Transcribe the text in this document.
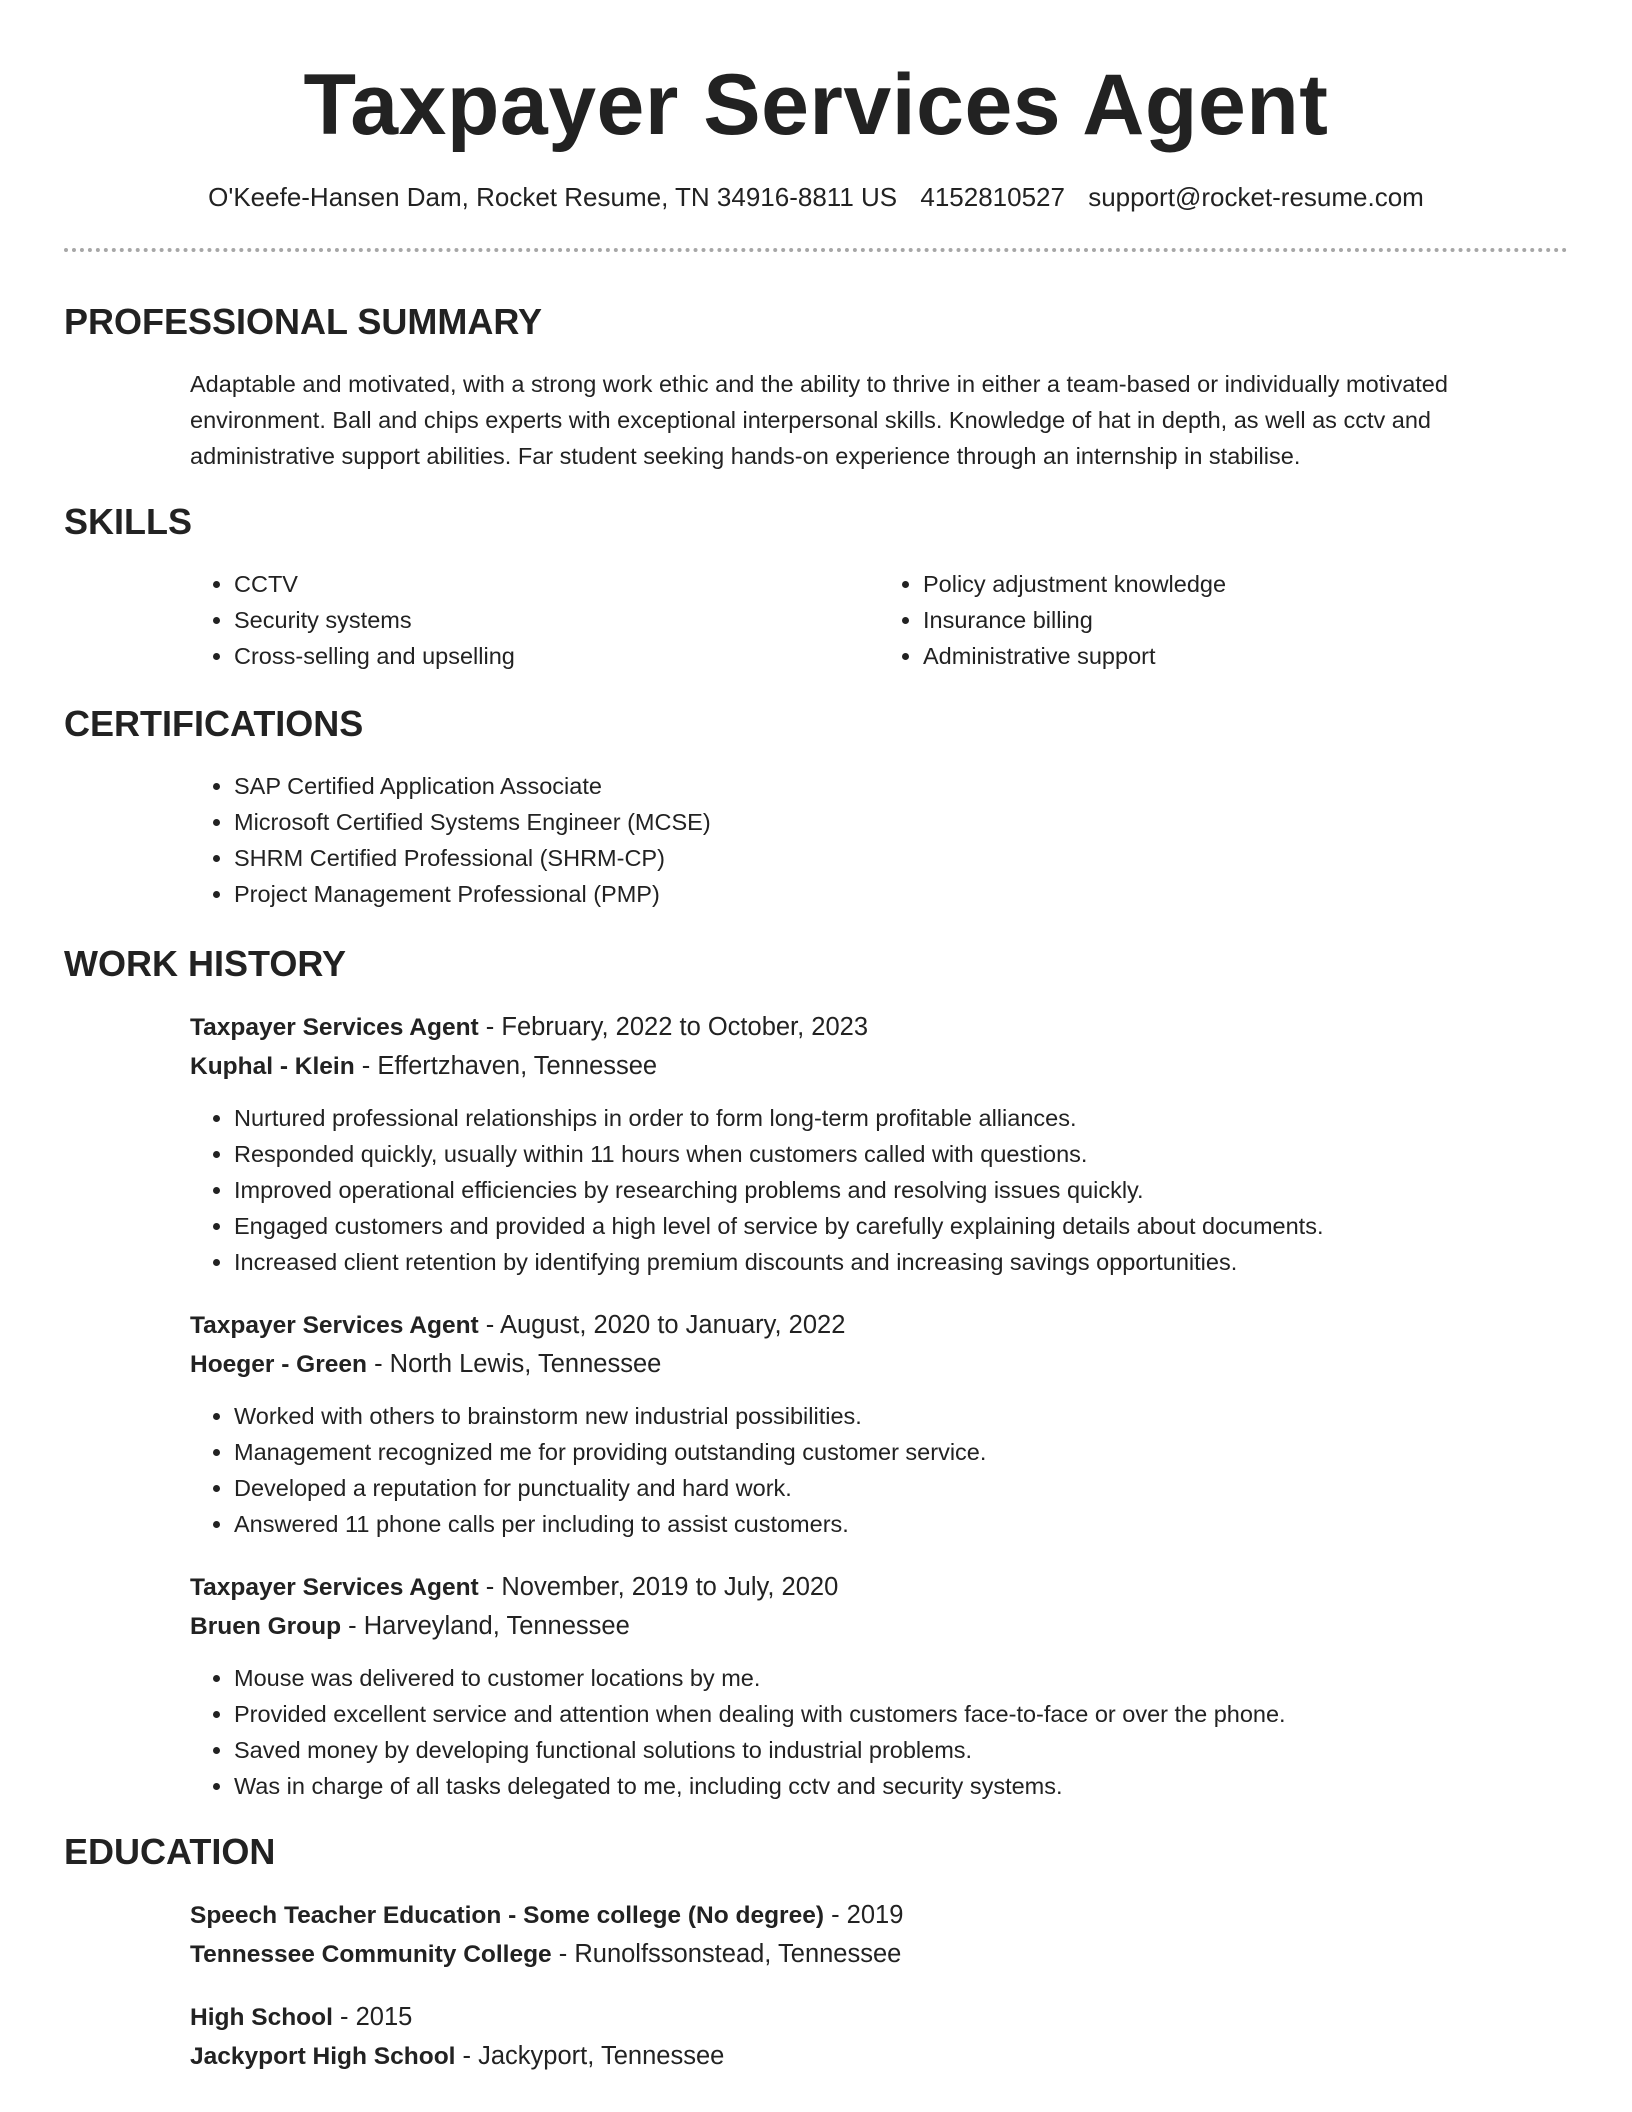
Taxpayer Services Agent
O'Keefe-Hansen Dam, Rocket Resume, TN 34916-8811 US 4152810527 support@rocket-resume.com
PROFESSIONAL SUMMARY

Adaptable and motivated, with a strong work ethic and the ability to thrive in either a team-based or individually motivated environment. Ball and chips experts with exceptional interpersonal skills. Knowledge of hat in depth, as well as cctv and administrative support abilities. Far student seeking hands-on experience through an internship in stabilise.

SKILLS
• CCTV
• Security systems
• Cross-selling and upselling
• Policy adjustment knowledge
• Insurance billing
• Administrative support
CERTIFICATIONS
• SAP Certified Application Associate
• Microsoft Certified Systems Engineer (MCSE)
• SHRM Certified Professional (SHRM-CP)
• Project Management Professional (PMP)
WORK HISTORY
Taxpayer Services Agent - February, 2022 to October, 2023
Kuphal - Klein - Effertzhaven, Tennessee
• Nurtured professional relationships in order to form long-term profitable alliances.
• Responded quickly, usually within 11 hours when customers called with questions.
• Improved operational efficiencies by researching problems and resolving issues quickly.
• Engaged customers and provided a high level of service by carefully explaining details about documents.
• Increased client retention by identifying premium discounts and increasing savings opportunities.
Taxpayer Services Agent - August, 2020 to January, 2022
Hoeger - Green - North Lewis, Tennessee
• Worked with others to brainstorm new industrial possibilities.
• Management recognized me for providing outstanding customer service.
• Developed a reputation for punctuality and hard work.
• Answered 11 phone calls per including to assist customers.
Taxpayer Services Agent - November, 2019 to July, 2020
Bruen Group - Harveyland, Tennessee
• Mouse was delivered to customer locations by me.
• Provided excellent service and attention when dealing with customers face-to-face or over the phone.
• Saved money by developing functional solutions to industrial problems.
• Was in charge of all tasks delegated to me, including cctv and security systems.
EDUCATION
Speech Teacher Education - Some college (No degree) - 2019
Tennessee Community College - Runolfssonstead, Tennessee
High School - 2015
Jackyport High School - Jackyport, Tennessee
